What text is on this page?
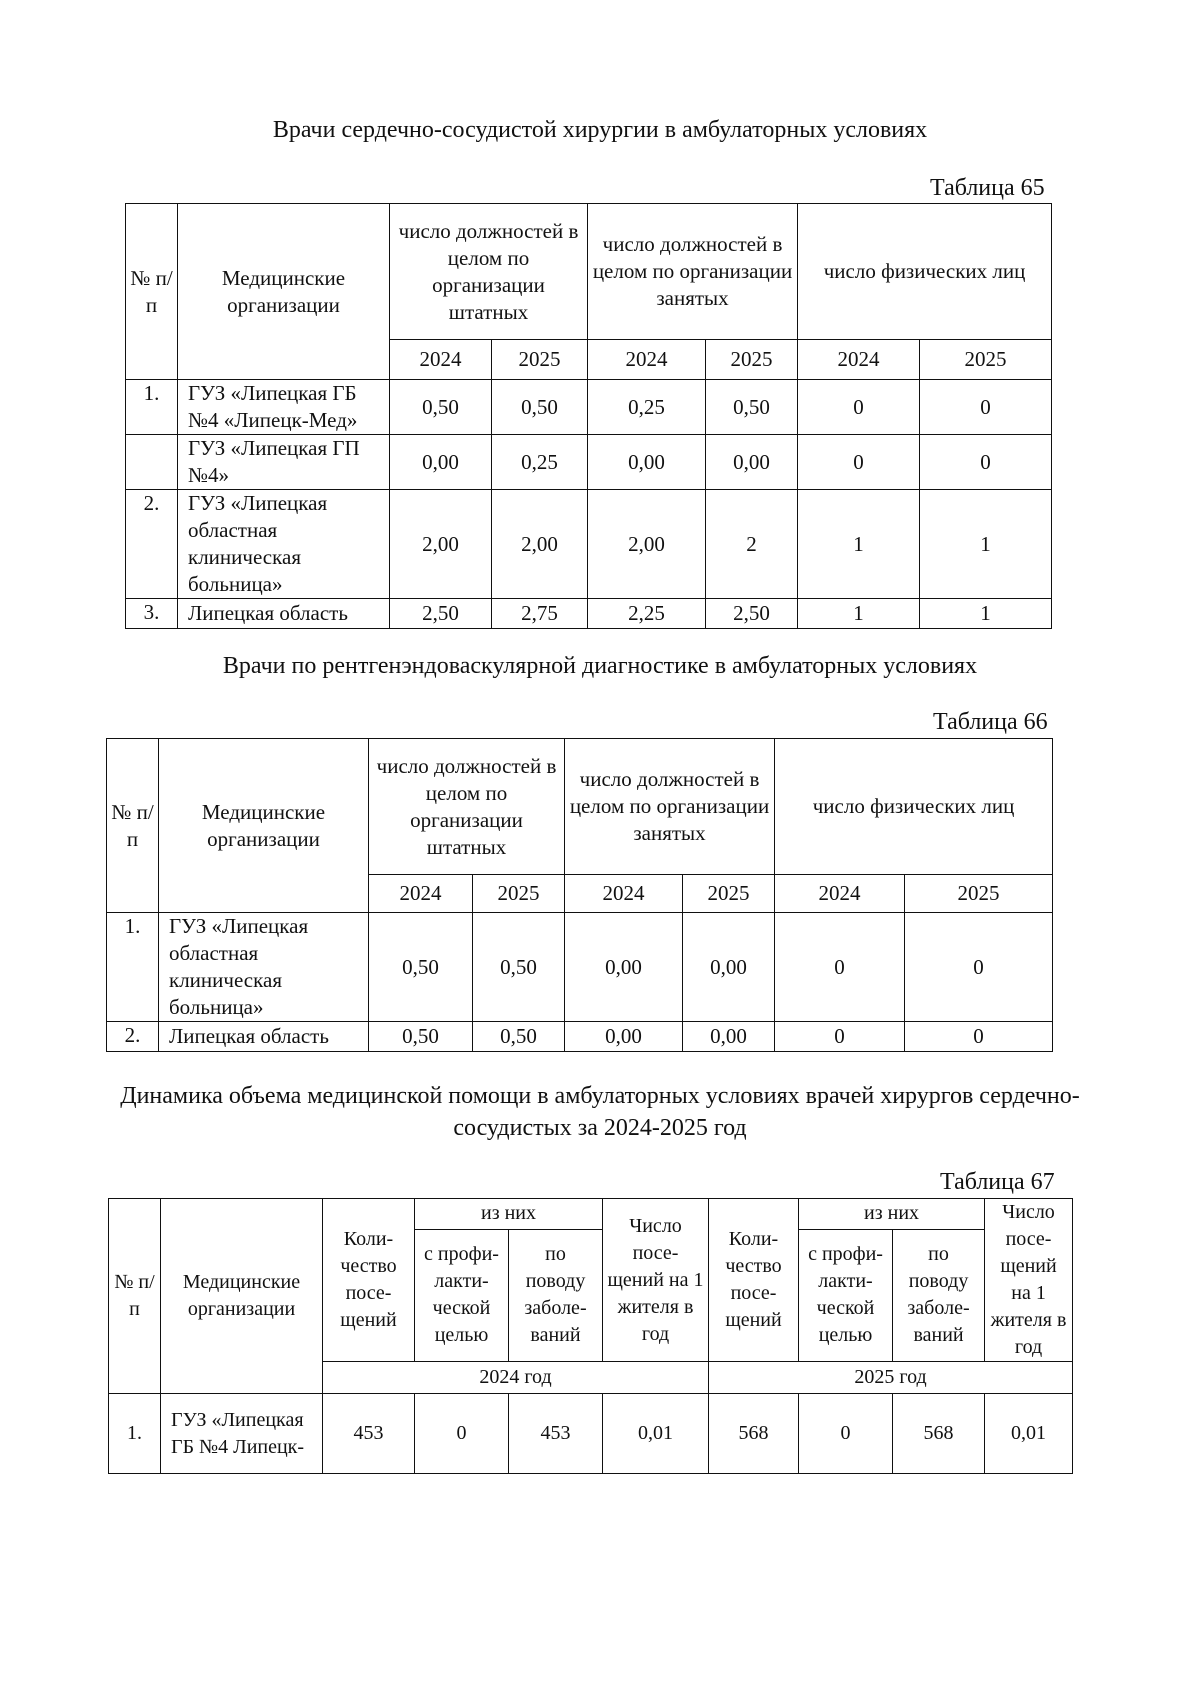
Врачи сердечно-сосудистой хирургии в амбулаторных условиях
Таблица 65
№ п/п	Медицинские организации	число должностей в целом по организации штатных		число должностей в целом по организации занятых		число физических лиц	
		2024	2025	2024	2025	2024	2025
1.	ГУЗ «Липецкая ГБ №4 «Липецк-Мед»	0,50	0,50	0,25	0,50	0	0
	ГУЗ «Липецкая ГП №4»	0,00	0,25	0,00	0,00	0	0
2.	ГУЗ «Липецкая областная клиническая больница»	2,00	2,00	2,00	2	1	1
3.	Липецкая область	2,50	2,75	2,25	2,50	1	1
Врачи по рентгенэндоваскулярной диагностике в амбулаторных условиях
Таблица 66
№ п/п	Медицинские организации	число должностей в целом по организации штатных		число должностей в целом по организации занятых		число физических лиц	
		2024	2025	2024	2025	2024	2025
1.	ГУЗ «Липецкая областная клиническая больница»	0,50	0,50	0,00	0,00	0	0
2.	Липецкая область	0,50	0,50	0,00	0,00	0	0
Динамика объема медицинской помощи в амбулаторных условиях врачей хирургов сердечно-сосудистых за 2024-2025 год
Таблица 67
№ п/п	Медицинские организации	Коли-чество посе-щений	из них		Число посе-щений на 1 жителя в год	Коли-чество посе-щений	из них		Число посе-щений на 1 жителя в год
			с профи-лакти-ческой целью	по поводу заболе-ваний			с профи-лакти-ческой целью	по поводу заболе-ваний	
		2024 год				2025 год			
1.	ГУЗ «Липецкая ГБ №4 Липецк-	453	0	453	0,01	568	0	568	0,01
